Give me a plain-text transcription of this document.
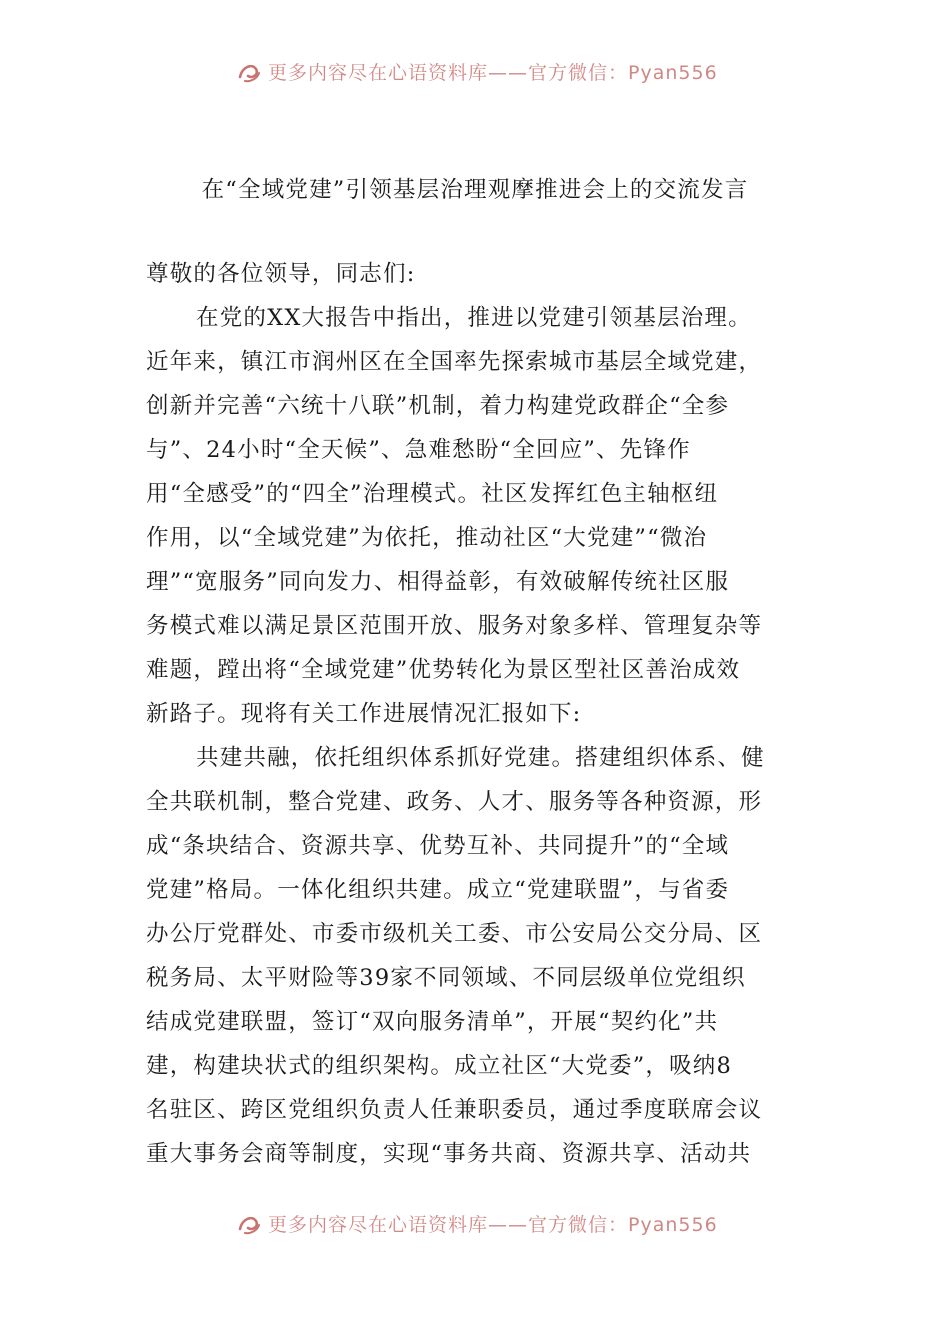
更多内容尽在心语资料库——官方微信：Pyan556
在“全域党建”引领基层治理观摩推进会上的交流发言
尊敬的各位领导，同志们:
在党的XX大报告中指出，推进以党建引领基层治理。
近年来，镇江市润州区在全国率先探索城市基层全域党建，
创新并完善“六统十八联”机制，着力构建党政群企“全参
与”、24小时“全天候”、急难愁盼“全回应”、先锋作
用“全感受”的“四全”治理模式。社区发挥红色主轴枢纽
作用，以“全域党建”为依托，推动社区“大党建”“微治
理”“宽服务”同向发力、相得益彰，有效破解传统社区服
务模式难以满足景区范围开放、服务对象多样、管理复杂等
难题，蹚出将“全域党建”优势转化为景区型社区善治成效
新路子。现将有关工作进展情况汇报如下:
共建共融，依托组织体系抓好党建。搭建组织体系、健
全共联机制，整合党建、政务、人才、服务等各种资源，形
成“条块结合、资源共享、优势互补、共同提升”的“全域
党建”格局。一体化组织共建。成立“党建联盟”，与省委
办公厅党群处、市委市级机关工委、市公安局公交分局、区
税务局、太平财险等39家不同领域、不同层级单位党组织
结成党建联盟，签订“双向服务清单”，开展“契约化”共
建，构建块状式的组织架构。成立社区“大党委”，吸纳8
名驻区、跨区党组织负责人任兼职委员，通过季度联席会议
重大事务会商等制度，实现“事务共商、资源共享、活动共
更多内容尽在心语资料库——官方微信：Pyan556
